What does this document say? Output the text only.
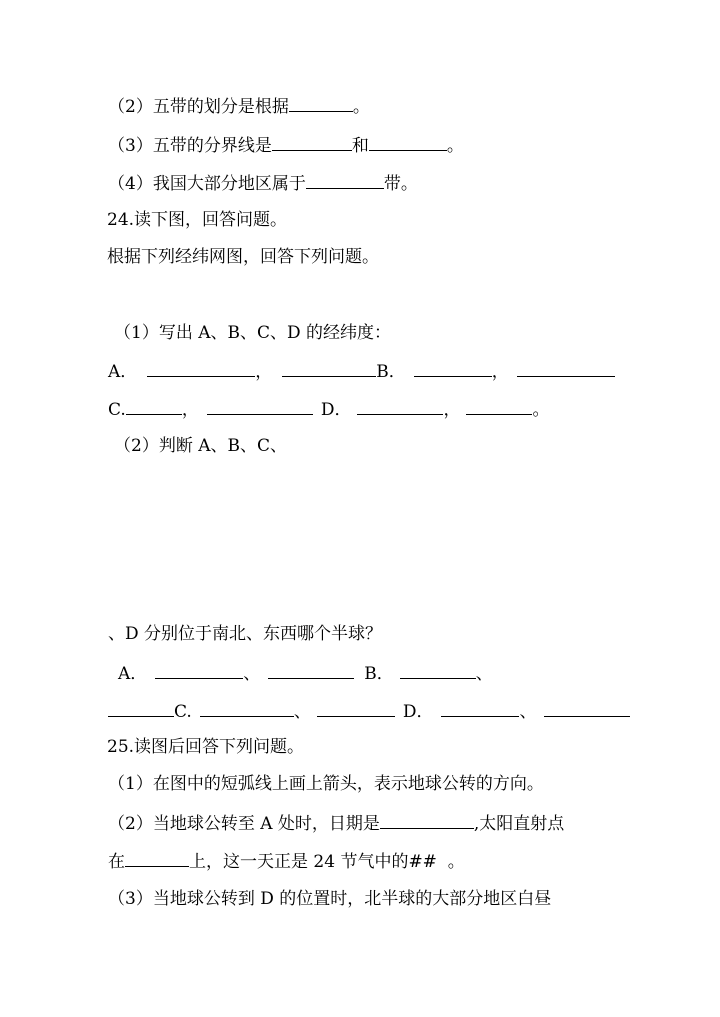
（2）五带的划分是根据	。
（3）五带的分界线是	和	。
（4）我国大部分地区属于	带。
24.读下图，回答问题。
根据下列经纬网图，回答下列问题。
（1）写出 A、B、C、D 的经纬度：
A．	，	B．	，
C.	，	D．	，	。
（2）判断 A、B、C、
、D 分别位于南北、东西哪个半球？
A．	、	B．	、
C.	、	D．	、
25.读图后回答下列问题。
（1）在图中的短弧线上画上箭头，表示地球公转的方向。
（2）当地球公转至 A 处时，日期是	,太阳直射点
在	上，这一天正是 24 节气中的##  。
（3）当地球公转到 D 的位置时，北半球的大部分地区白昼
